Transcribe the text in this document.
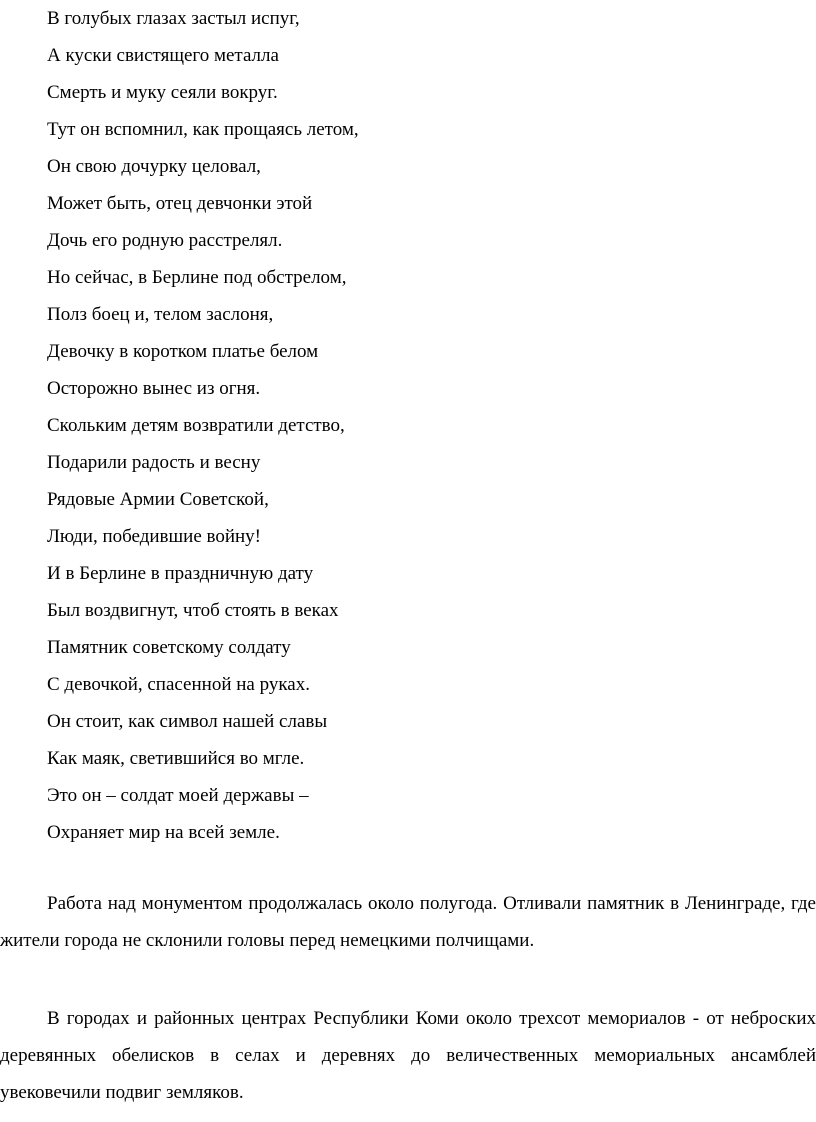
В голубых глазах застыл испуг,
А куски свистящего металла
Смерть и муку сеяли вокруг.
Тут он вспомнил, как прощаясь летом,
Он свою дочурку целовал,
Может быть, отец девчонки этой
Дочь его родную расстрелял.
Но сейчас, в Берлине под обстрелом,
Полз боец и, телом заслоня,
Девочку в коротком платье белом
Осторожно вынес из огня.
Скольким детям возвратили детство,
Подарили радость и весну
Рядовые Армии Советской,
Люди, победившие войну!
И в Берлине в праздничную дату
Был воздвигнут, чтоб стоять в веках
Памятник советскому солдату
С девочкой, спасенной на руках.
Он стоит, как символ нашей славы
Как маяк, светившийся во мгле.
Это он – солдат моей державы –
Охраняет мир на всей земле.

Работа над монументом продолжалась около полугода. Отливали памятник в Ленинграде, где жители города не склонили головы перед немецкими полчищами.

В городах и районных центрах Республики Коми около трехсот мемориалов - от неброских деревянных обелисков в селах и деревнях до величественных мемориальных ансамблей увековечили подвиг земляков.
